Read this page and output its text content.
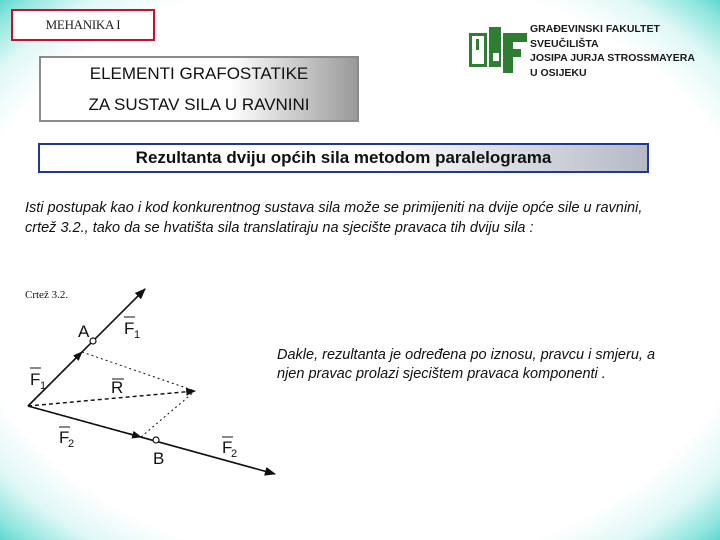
MEHANIKA I
ELEMENTI GRAFOSTATIKE
ZA SUSTAV SILA U RAVNINI
GRAĐEVINSKI FAKULTET
SVEUČILIŠTA
JOSIPA JURJA STROSSMAYERA
U OSIJEKU
Rezultanta dviju općih sila metodom paralelograma
Isti postupak kao i kod konkurentnog sustava sila može se primijeniti na dvije opće sile u ravnini, crtež 3.2., tako da se hvatišta sila translatiraju na sjecište pravaca tih dviju sila :
Crtež 3.2.
A
B
F 1
F 1	R
F
2	F
2
Dakle, rezultanta je određena po iznosu, pravcu i smjeru, a njen pravac prolazi sjecištem pravaca komponenti .
